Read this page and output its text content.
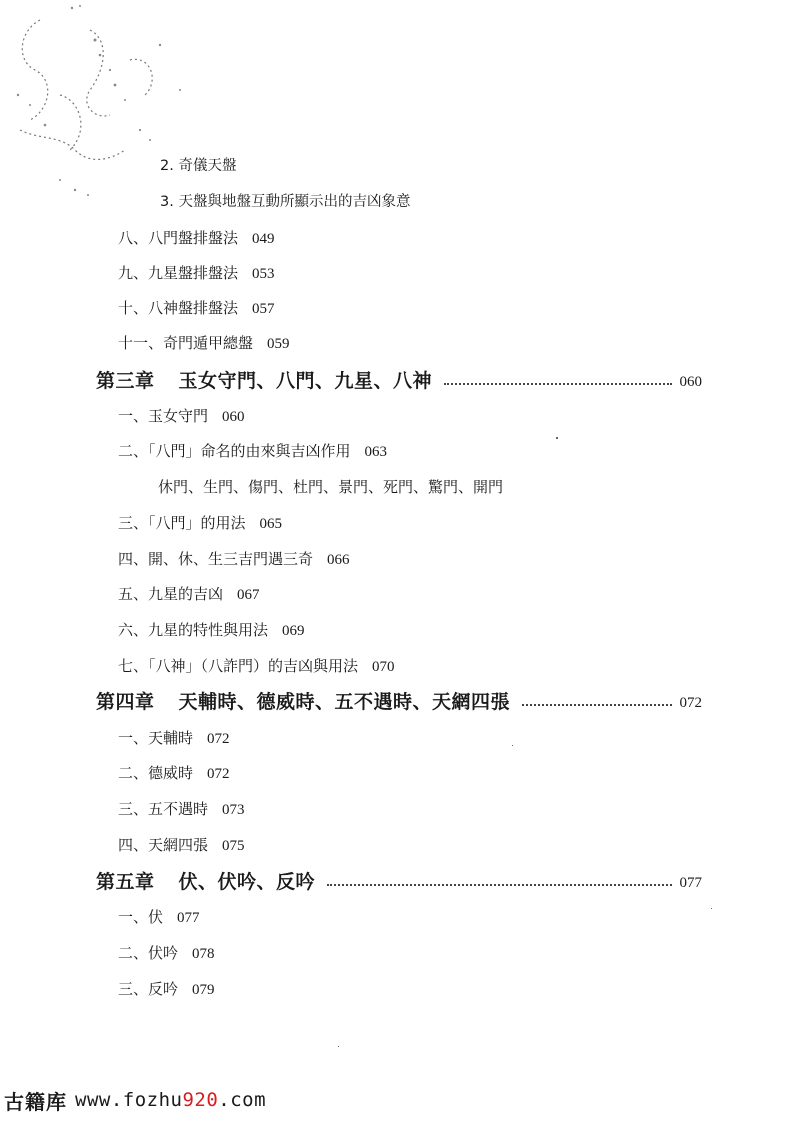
2. 奇儀天盤
3. 天盤與地盤互動所顯示出的吉凶象意
八、八門盤排盤法 049
九、九星盤排盤法 053
十、八神盤排盤法 057
十一、奇門遁甲總盤 059
第三章 玉女守門、八門、九星、八神	060
一、玉女守門 060
二、「八門」命名的由來與吉凶作用 063
休門、生門、傷門、杜門、景門、死門、驚門、開門
三、「八門」的用法 065
四、開、休、生三吉門遇三奇 066
五、九星的吉凶 067
六、九星的特性與用法 069
七、「八神」（八詐門）的吉凶與用法 070
第四章 天輔時、德威時、五不遇時、天網四張	072
一、天輔時 072
二、德威時 072
三、五不遇時 073
四、天網四張 075
第五章 伏、伏吟、反吟	077
一、伏 077
二、伏吟 078
三、反吟 079
古籍库 www.fozhu920.com
